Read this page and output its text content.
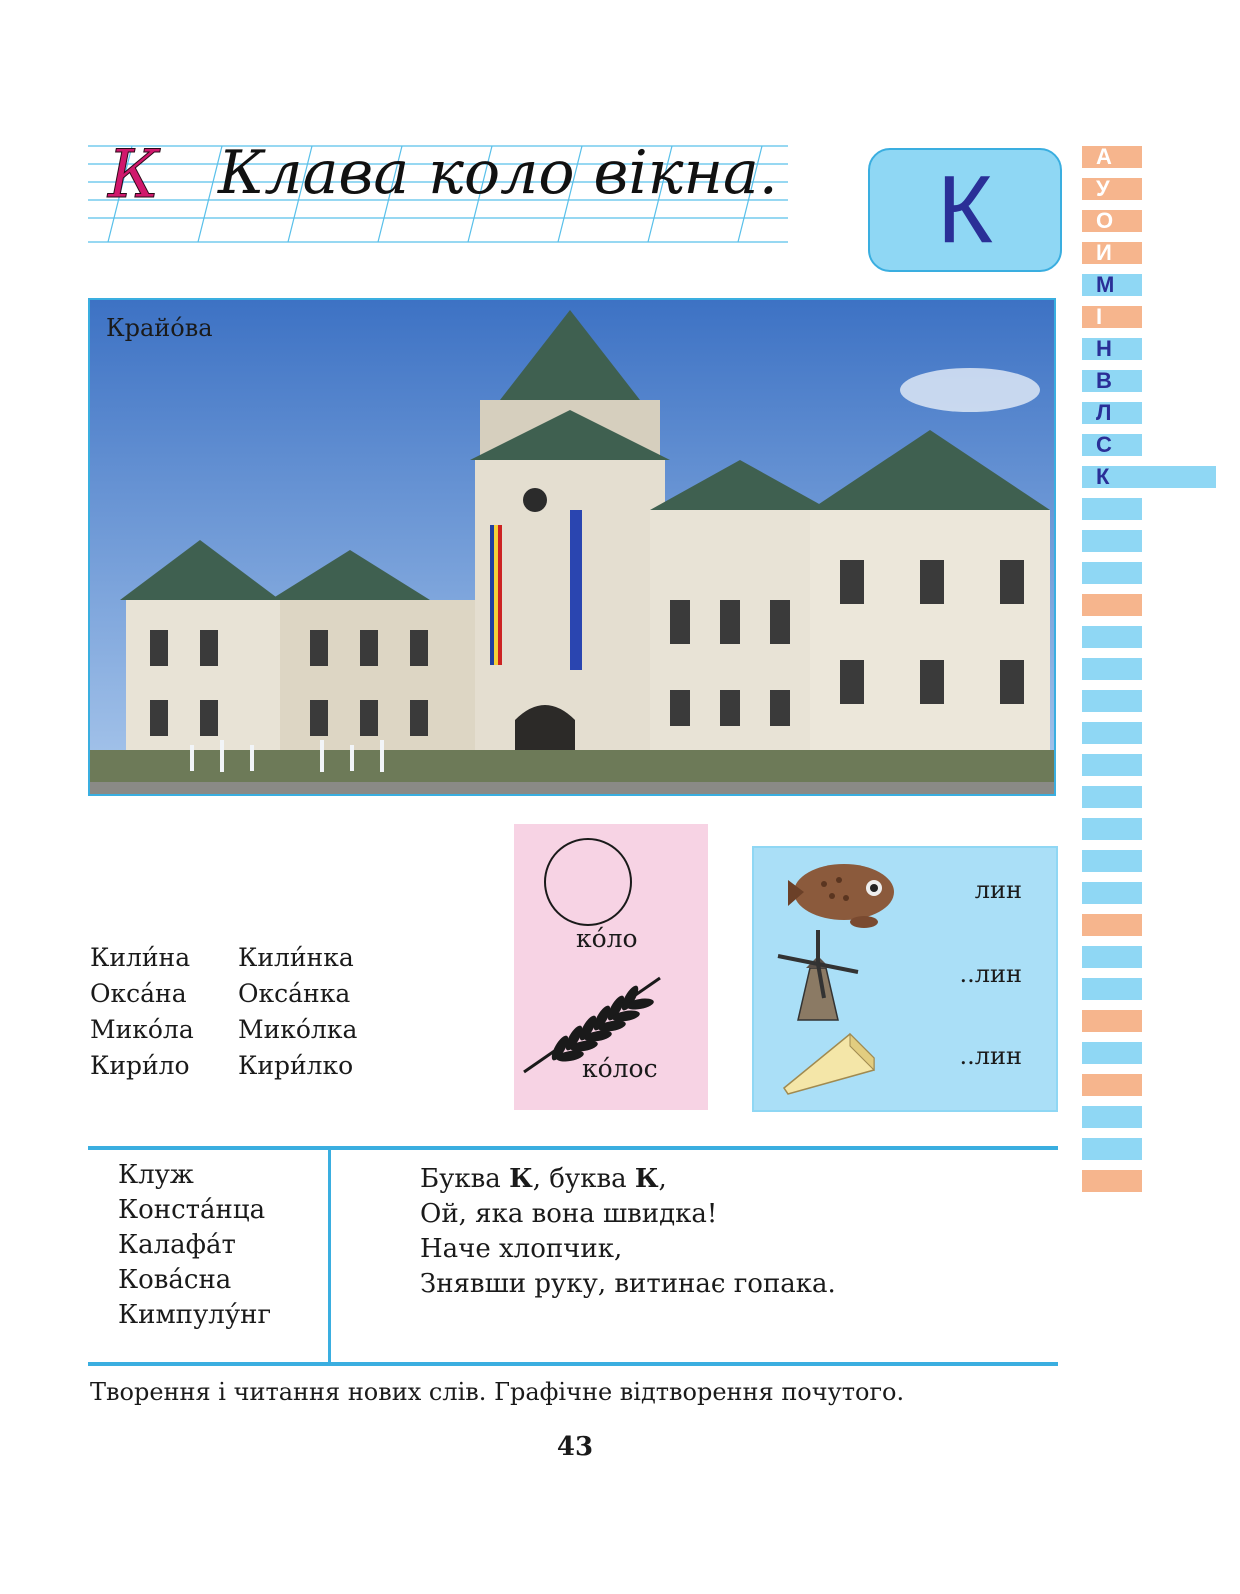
К Клава коло вікна. К	А
У
О
И
М
І
Н
В
Л
С
К
Крайо́ва
Кили́на
Окса́на
Мико́ла
Кири́ло
Кили́нка
Окса́нка
Мико́лка
Кири́лко
ко́ло
ко́лос
лин
..лин
..лин
Клуж
Конста́нца
Калафа́т
Кова́сна
Кимпулу́нг
Буква К, буква К,
Ой, яка вона швидка!
Наче хлопчик,
Знявши руку, витинає гопака.
Творення і читання нових слів. Графічне відтворення почутого.
43
